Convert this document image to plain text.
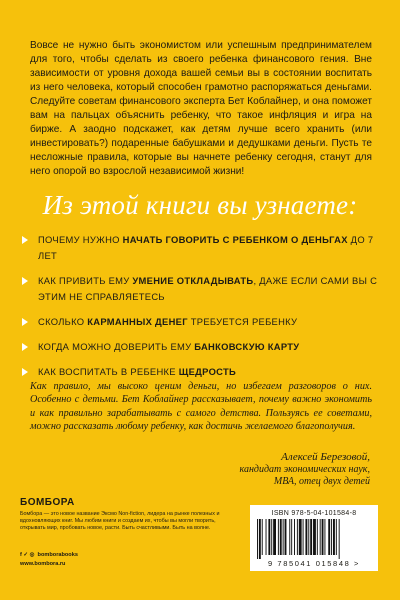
Вовсе не нужно быть экономистом или успешным предпринимателем для того, чтобы сделать из своего ребенка финансового гения. Вне зависимости от уровня дохода вашей семьи вы в состоянии воспитать из него человека, который способен грамотно распоряжаться деньгами. Следуйте советам финансового эксперта Бет Коблайнер, и она поможет вам на пальцах объяснить ребенку, что такое инфляция и игра на бирже. А заодно подскажет, как детям лучше всего хранить (или инвестировать?) подаренные бабушками и дедушками деньги. Пусть те несложные правила, которые вы начнете ребенку сегодня, станут для него опорой во взрослой независимой жизни!

Из этой книги вы узнаете:
ПОЧЕМУ НУЖНО НАЧАТЬ ГОВОРИТЬ С РЕБЕНКОМ О ДЕНЬГАХ ДО 7 ЛЕТ
КАК ПРИВИТЬ ЕМУ УМЕНИЕ ОТКЛАДЫВАТЬ, ДАЖЕ ЕСЛИ САМИ ВЫ С ЭТИМ НЕ СПРАВЛЯЕТЕСЬ
СКОЛЬКО КАРМАННЫХ ДЕНЕГ ТРЕБУЕТСЯ РЕБЕНКУ
КОГДА МОЖНО ДОВЕРИТЬ ЕМУ БАНКОВСКУЮ КАРТУ
КАК ВОСПИТАТЬ В РЕБЕНКЕ ЩЕДРОСТЬ

Как правило, мы высоко ценим деньги, но избегаем разговоров о них. Особенно с детьми. Бет Коблайнер рассказывает, почему важно экономить и как правильно зарабатывать с самого детства. Пользуясь ее советами, можно рассказать любому ребенку, как достичь желаемого благополучия.

Алексей Березовой,
кандидат экономических наук,
МВА, отец двух детей
БОМБОРА

Бомбора — это новое название Эксмо Non-fiction, лидера на рынке полезных и вдохновляющих книг. Мы любим книги и создаем их, чтобы вы могли творить, открывать мир, пробовать новое, расти. Быть счастливыми. Быть на волне.

f ✓ ◎ bomborabooks
www.bombora.ru
ISBN 978-5-04-101584-8
9 785041 015848 >
